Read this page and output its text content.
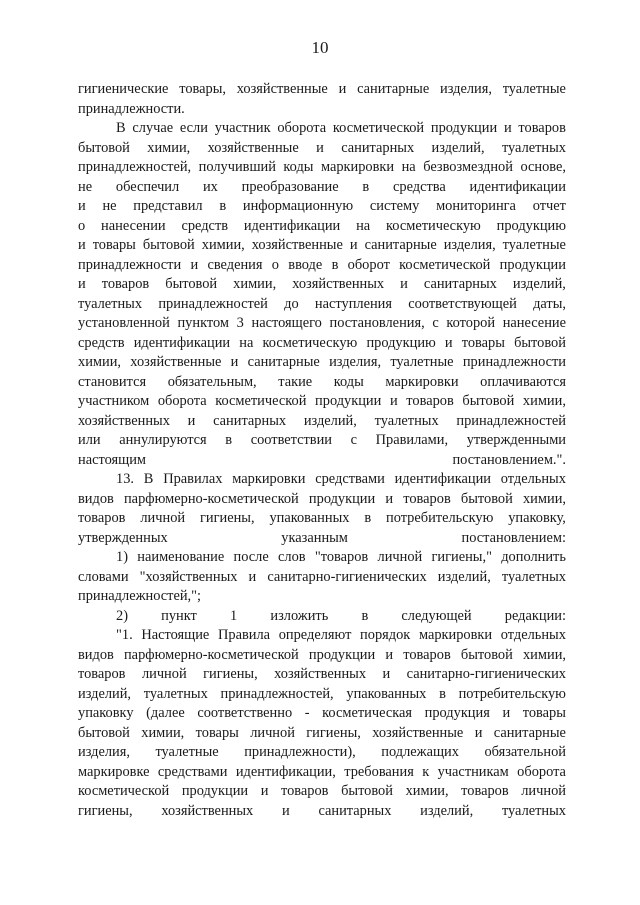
10
гигиенические товары, хозяйственные и санитарные изделия, туалетные
принадлежности.
В случае если участник оборота косметической продукции и товаров
бытовой химии, хозяйственные и санитарных изделий, туалетных
принадлежностей, получивший коды маркировки на безвозмездной основе,
не обеспечил их преобразование в средства идентификации
и не представил в информационную систему мониторинга отчет
о нанесении средств идентификации на косметическую продукцию
и товары бытовой химии, хозяйственные и санитарные изделия, туалетные
принадлежности и сведения о вводе в оборот косметической продукции
и товаров бытовой химии, хозяйственных и санитарных изделий,
туалетных принадлежностей до наступления соответствующей даты,
установленной пунктом 3 настоящего постановления, с которой нанесение
средств идентификации на косметическую продукцию и товары бытовой
химии, хозяйственные и санитарные изделия, туалетные принадлежности
становится обязательным, такие коды маркировки оплачиваются
участником оборота косметической продукции и товаров бытовой химии,
хозяйственных и санитарных изделий, туалетных принадлежностей
или аннулируются в соответствии с Правилами, утвержденными
настоящим постановлением.".
13. В Правилах маркировки средствами идентификации отдельных
видов парфюмерно-косметической продукции и товаров бытовой химии,
товаров личной гигиены, упакованных в потребительскую упаковку,
утвержденных указанным постановлением:
1) наименование после слов "товаров личной гигиены," дополнить
словами "хозяйственных и санитарно-гигиенических изделий, туалетных
принадлежностей,";
2) пункт 1 изложить в следующей редакции:
"1. Настоящие Правила определяют порядок маркировки отдельных
видов парфюмерно-косметической продукции и товаров бытовой химии,
товаров личной гигиены, хозяйственных и санитарно-гигиенических
изделий, туалетных принадлежностей, упакованных в потребительскую
упаковку (далее соответственно - косметическая продукция и товары
бытовой химии, товары личной гигиены, хозяйственные и санитарные
изделия, туалетные принадлежности), подлежащих обязательной
маркировке средствами идентификации, требования к участникам оборота
косметической продукции и товаров бытовой химии, товаров личной
гигиены, хозяйственных и санитарных изделий, туалетных
